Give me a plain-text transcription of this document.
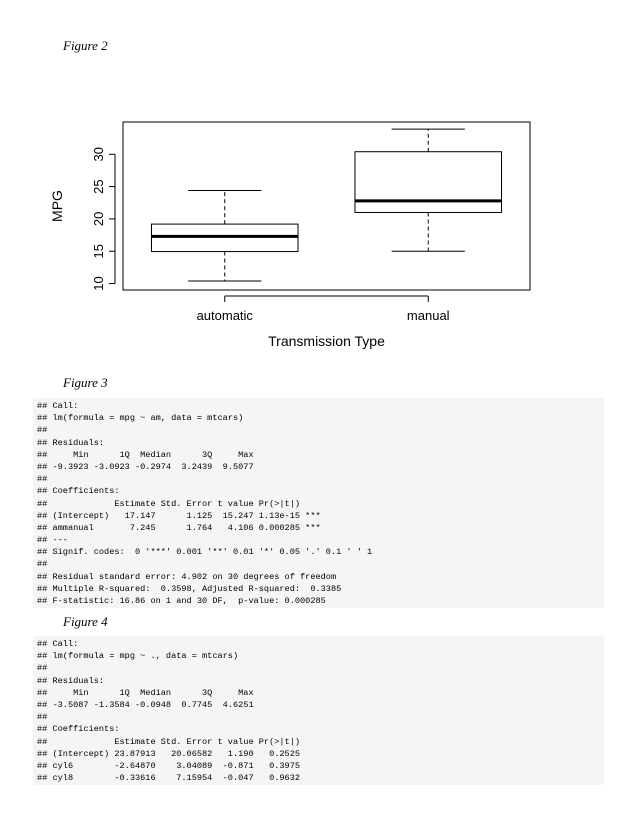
Figure 2
10
15
20
25
30
MPG
automatic	manual
Transmission Type
Figure 3
## Call:
## lm(formula = mpg ~ am, data = mtcars)
##
## Residuals:
##     Min      1Q  Median      3Q     Max
## -9.3923 -3.0923 -0.2974  3.2439  9.5077
##
## Coefficients:
##             Estimate Std. Error t value Pr(>|t|)
## (Intercept)   17.147      1.125  15.247 1.13e-15 ***
## ammanual       7.245      1.764   4.106 0.000285 ***
## ---
## Signif. codes:  0 '***' 0.001 '**' 0.01 '*' 0.05 '.' 0.1 ' ' 1
##
## Residual standard error: 4.902 on 30 degrees of freedom
## Multiple R-squared:  0.3598, Adjusted R-squared:  0.3385
## F-statistic: 16.86 on 1 and 30 DF,  p-value: 0.000285
Figure 4
## Call:
## lm(formula = mpg ~ ., data = mtcars)
##
## Residuals:
##     Min      1Q  Median      3Q     Max
## -3.5087 -1.3584 -0.0948  0.7745  4.6251
##
## Coefficients:
##             Estimate Std. Error t value Pr(>|t|)
## (Intercept) 23.87913   20.06582   1.190   0.2525
## cyl6        -2.64870    3.04089  -0.871   0.3975
## cyl8        -0.33616    7.15954  -0.047   0.9632
